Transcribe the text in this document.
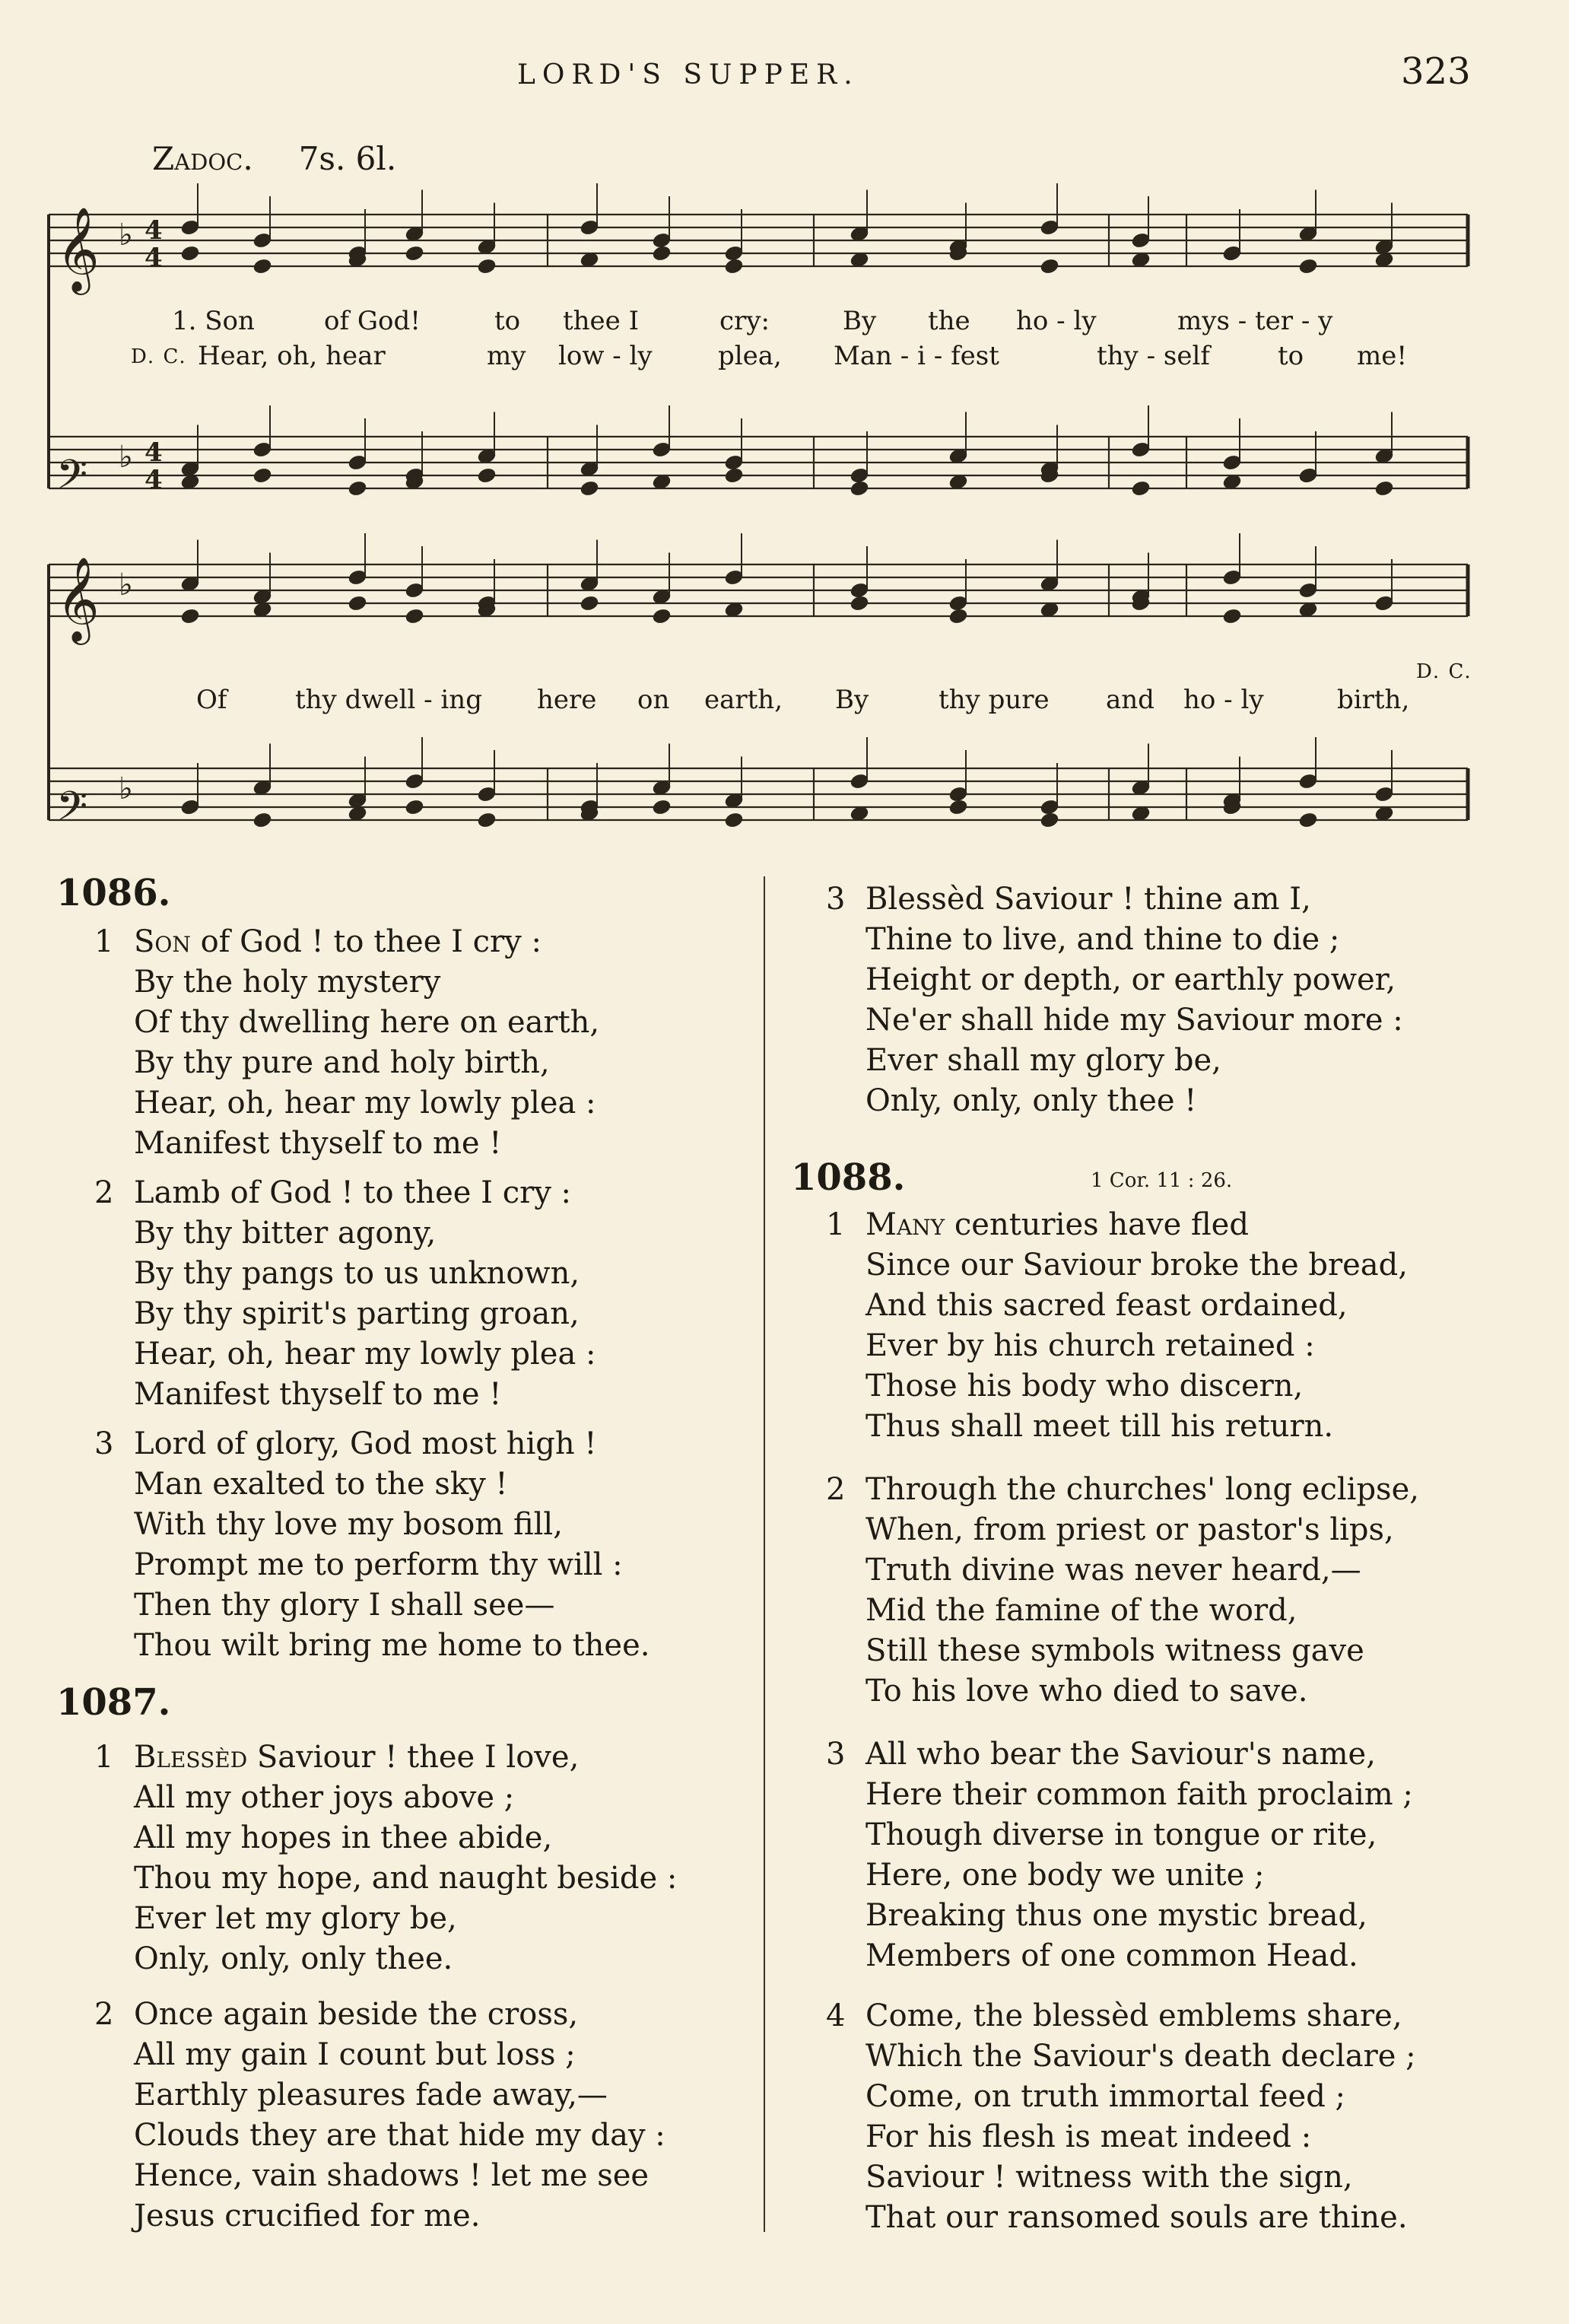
LORD'S SUPPER.	323
Zadoc. 7s. 6l.
𝄞 ♭ 4
4
𝄢 ♭ 4
4
𝄞 ♭
𝄢 ♭
1. Son	of God!	to thee I	cry:	By the ho - ly	mys - ter - y
D. C. Hear, oh, hear	my low - ly	plea, Man - i - fest	thy - self	to me!
D. C.
Of	thy dwell - ing here on earth, By	thy pure and ho - ly	birth,
1086.
1 Son of God ! to thee I cry :
By the holy mystery
Of thy dwelling here on earth,
By thy pure and holy birth,
Hear, oh, hear my lowly plea :
Manifest thyself to me !
2 Lamb of God ! to thee I cry :
By thy bitter agony,
By thy pangs to us unknown,
By thy spirit's parting groan,
Hear, oh, hear my lowly plea :
Manifest thyself to me !
3 Lord of glory, God most high !
Man exalted to the sky !
With thy love my bosom fill,
Prompt me to perform thy will :
Then thy glory I shall see—
Thou wilt bring me home to thee.
1087.
1 Blessèd Saviour ! thee I love,
All my other joys above ;
All my hopes in thee abide,
Thou my hope, and naught beside :
Ever let my glory be,
Only, only, only thee.
2 Once again beside the cross,
All my gain I count but loss ;
Earthly pleasures fade away,—
Clouds they are that hide my day :
Hence, vain shadows ! let me see
Jesus crucified for me.
3 Blessèd Saviour ! thine am I,
Thine to live, and thine to die ;
Height or depth, or earthly power,
Ne'er shall hide my Saviour more :
Ever shall my glory be,
Only, only, only thee !
1088.	1 Cor. 11 : 26.
1 Many centuries have fled
Since our Saviour broke the bread,
And this sacred feast ordained,
Ever by his church retained :
Those his body who discern,
Thus shall meet till his return.
2 Through the churches' long eclipse,
When, from priest or pastor's lips,
Truth divine was never heard,—
Mid the famine of the word,
Still these symbols witness gave
To his love who died to save.
3 All who bear the Saviour's name,
Here their common faith proclaim ;
Though diverse in tongue or rite,
Here, one body we unite ;
Breaking thus one mystic bread,
Members of one common Head.
4 Come, the blessèd emblems share,
Which the Saviour's death declare ;
Come, on truth immortal feed ;
For his flesh is meat indeed :
Saviour ! witness with the sign,
That our ransomed souls are thine.
